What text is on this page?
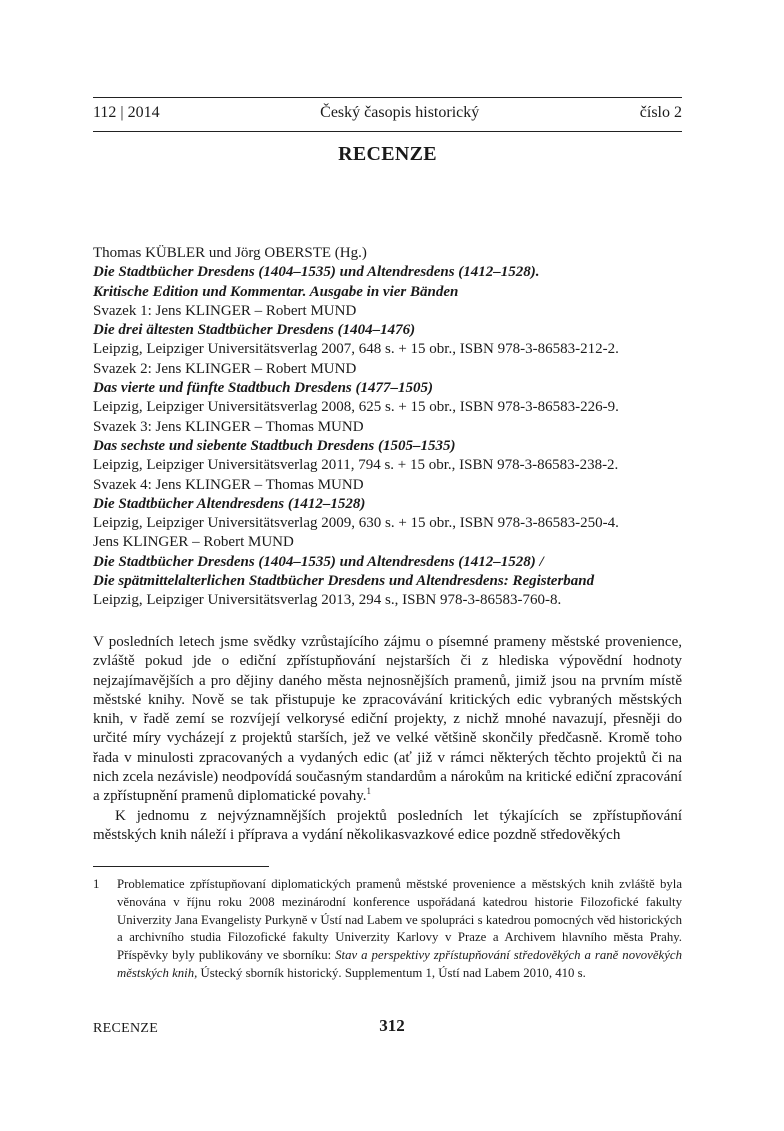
112 | 2014	Český časopis historický	číslo 2
RECENZE
Thomas KÜBLER und Jörg OBERSTE (Hg.)
Die Stadtbücher Dresdens (1404–1535) und Altendresdens (1412–1528).
Kritische Edition und Kommentar. Ausgabe in vier Bänden
Svazek 1: Jens KLINGER – Robert MUND
Die drei ältesten Stadtbücher Dresdens (1404–1476)
Leipzig, Leipziger Universitätsverlag 2007, 648 s. + 15 obr., ISBN 978-3-86583-212-2.
Svazek 2: Jens KLINGER – Robert MUND
Das vierte und fünfte Stadtbuch Dresdens (1477–1505)
Leipzig, Leipziger Universitätsverlag 2008, 625 s. + 15 obr., ISBN 978-3-86583-226-9.
Svazek 3: Jens KLINGER – Thomas MUND
Das sechste und siebente Stadtbuch Dresdens (1505–1535)
Leipzig, Leipziger Universitätsverlag 2011, 794 s. + 15 obr., ISBN 978-3-86583-238-2.
Svazek 4: Jens KLINGER – Thomas MUND
Die Stadtbücher Altendresdens (1412–1528)
Leipzig, Leipziger Universitätsverlag 2009, 630 s. + 15 obr., ISBN 978-3-86583-250-4.
Jens KLINGER – Robert MUND
Die Stadtbücher Dresdens (1404–1535) und Altendresdens (1412–1528) /
Die spätmittelalterlichen Stadtbücher Dresdens und Altendresdens: Registerband
Leipzig, Leipziger Universitätsverlag 2013, 294 s., ISBN 978-3-86583-760-8.

V posledních letech jsme svědky vzrůstajícího zájmu o písemné prameny městské provenience, zvláště pokud jde o ediční zpřístupňování nejstarších či z hlediska výpovědní hodnoty nejzajímavějších a pro dějiny daného města nejnosnějších pramenů, jimiž jsou na prvním místě městské knihy. Nově se tak přistupuje ke zpracovávání kritických edic vybraných městských knih, v řadě zemí se rozvíjejí velkorysé ediční projekty, z nichž mnohé navazují, přesněji do určité míry vycházejí z projektů starších, jež ve velké většině skončily předčasně. Kromě toho řada v minulosti zpracovaných a vydaných edic (ať již v rámci některých těchto projektů či na nich zcela nezávisle) neodpovídá současným standardům a nárokům na kritické ediční zpracování a zpřístupnění pramenů diplomatické povahy.$^1$

K jednomu z nejvýznamnějších projektů posledních let týkajících se zpřístupňování městských knih náleží i příprava a vydání několikasvazkové edice pozdně středověkých

1	Problematice zpřístupňovaní diplomatických pramenů městské provenience a městských knih zvláště byla věnována v říjnu roku 2008 mezinárodní konference uspořádaná katedrou historie Filozofické fakulty Univerzity Jana Evangelisty Purkyně v Ústí nad Labem ve spolupráci s katedrou pomocných věd historických a archivního studia Filozofické fakulty Univerzity Karlovy v Praze a Archivem hlavního města Prahy. Příspěvky byly publikovány ve sborníku: Stav a perspektivy zpřístupňování středověkých a raně novověkých městských knih, Ústecký sborník historický. Supplementum 1, Ústí nad Labem 2010, 410 s.
RECENZE	312
